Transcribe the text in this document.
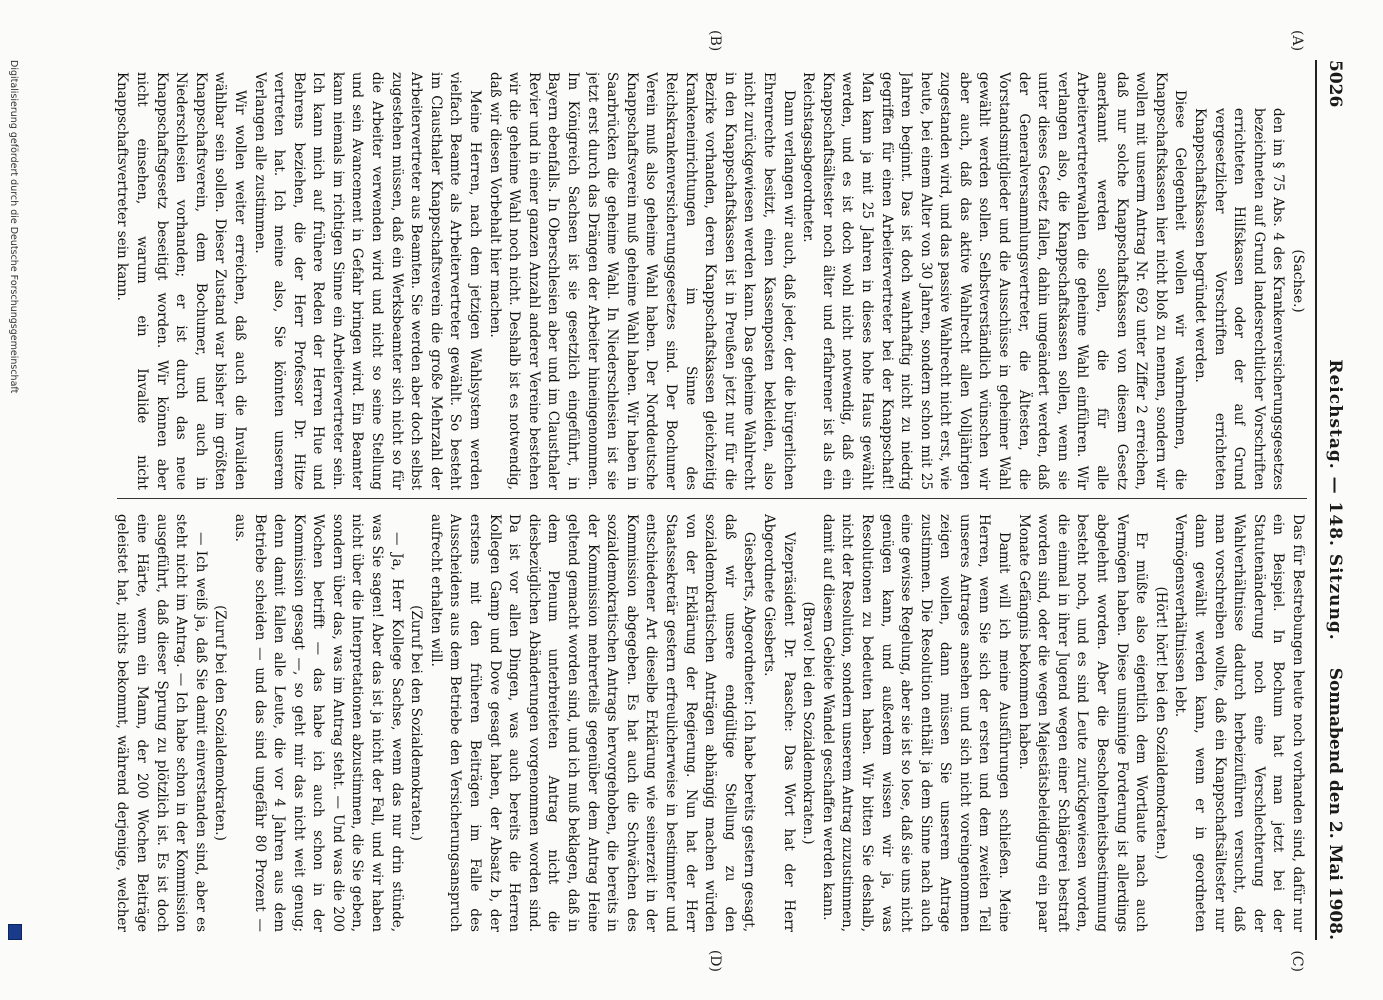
5026
Reichstag. — 148. Sitzung.
Sonnabend den 2. Mai 1908.
(A)
(B)
(C)
(D)

(Sachse.)

den im § 75 Abs. 4 des Krankenversicherungsgesetzes bezeichneten auf Grund landesrechtlicher Vorschriften errichteten Hilfskassen oder der auf Grund vergesetzlicher Vorschriften errichteten Knappschaftskassen begründet werden.

Diese Gelegenheit wollen wir wahrnehmen, die Knappschaftskassen hier nicht bloß zu nennen, sondern wir wollen mit unserm Antrag Nr. 692 unter Ziffer 2 erreichen, daß nur solche Knappschaftskassen von diesem Gesetz anerkannt werden sollen, die für alle Arbeitervertreterwahlen die geheime Wahl einführen. Wir verlangen also, die Knappschaftskassen sollen, wenn sie unter dieses Gesetz fallen, dahin umgeändert werden, daß der Generalversammlungsvertreter, die Ältesten, die Vorstandsmitglieder und die Ausschüsse in geheimer Wahl gewählt werden sollen. Selbstverständlich wünschen wir aber auch, daß das aktive Wahlrecht allen Volljährigen zugestanden wird, und das passive Wahlrecht nicht erst, wie heute, bei einem Alter von 30 Jahren, sondern schon mit 25 Jahren beginnt. Das ist doch wahrhaftig nicht zu niedrig gegriffen für einen Arbeitervertreter bei der Knappschaft! Man kann ja mit 25 Jahren in dieses hohe Haus gewählt werden, und es ist doch wohl nicht notwendig, daß ein Knappschaftsältester noch älter und erfahrener ist als ein Reichstagsabgeordneter.

Dann verlangen wir auch, daß jeder, der die bürgerlichen Ehrenrechte besitzt, einen Kassenposten bekleiden, also nicht zurückgewiesen werden kann. Das geheime Wahlrecht in den Knappschaftskassen ist in Preußen jetzt nur für die Bezirke vorhanden, deren Knappschaftskassen gleichzeitig Krankeneinrichtungen im Sinne des Reichskrankenversicherungsgesetzes sind. Der Bochumer Verein muß also geheime Wahl haben. Der Norddeutsche Knappschaftsverein muß geheime Wahl haben. Wir haben in Saarbrücken die geheime Wahl. In Niederschlesien ist sie jetzt erst durch das Drängen der Arbeiter hineingenommen. Im Königreich Sachsen ist sie gesetzlich eingeführt, in Bayern ebenfalls. In Oberschlesien aber und im Clausthaler Revier und in einer ganzen Anzahl anderer Vereine bestehen wir die geheime Wahl noch nicht. Deshalb ist es notwendig, daß wir diesen Vorbehalt hier machen.

Meine Herren, nach dem jetzigen Wahlsystem werden vielfach Beamte als Arbeitervertreter gewählt. So besteht im Clausthaler Knappschaftsverein die große Mehrzahl der Arbeitervertreter aus Beamten. Sie werden aber doch selbst zugestehen müssen, daß ein Werksbeamter sich nicht so für die Arbeiter verwenden wird und nicht so seine Stellung und sein Avancement in Gefahr bringen wird. Ein Beamter kann niemals im richtigen Sinne ein Arbeitervertreter sein. Ich kann mich auf frühere Reden der Herren Hue und Behrens beziehen, die der Herr Professor Dr. Hitze vertreten hat. Ich meine also, Sie könnten unserem Verlangen alle zustimmen.

Wir wollen weiter erreichen, daß auch die Invaliden wählbar sein sollen. Dieser Zustand war bisher im größten Knappschaftsverein, dem Bochumer, und auch in Niederschlesien vorhanden; er ist durch das neue Knappschaftsgesetz beseitigt worden. Wir können aber nicht einsehen, warum ein Invalide nicht Knappschaftsvertreter sein kann.

Das für Bestrebungen heute noch vorhanden sind, dafür nur ein Beispiel. In Bochum hat man jetzt bei der Statutenänderung noch eine Verschlechterung der Wahlverhältnisse dadurch herbeizuführen versucht, daß man vorschreiben wollte, daß ein Knappschaftsältester nur dann gewählt werden kann, wenn er in geordneten Vermögensverhältnissen lebt.

(Hört! hört! bei den Sozialdemokraten.)

Er müßte also eigentlich dem Wortlaute nach auch Vermögen haben. Diese unsinnige Forderung ist allerdings abgelehnt worden. Aber die Bescholtenheitsbestimmung besteht noch, und es sind Leute zurückgewiesen worden, die einmal in ihrer Jugend wegen einer Schlägerei bestraft worden sind, oder die wegen Majestätsbeleidigung ein paar Monate Gefängnis bekommen haben.

Damit will ich meine Ausführungen schließen. Meine Herren, wenn Sie sich der ersten und dem zweiten Teil unseres Antrages ansehen und sich nicht voreingenommen zeigen wollen, dann müssen Sie unserem Antrage zustimmen. Die Resolution enthält ja dem Sinne nach auch eine gewisse Regelung, aber sie ist so lose, daß sie uns nicht genügen kann, und außerdem wissen wir ja, was Resolutionen zu bedeuten haben. Wir bitten Sie deshalb, nicht der Resolution, sondern unserem Antrag zuzustimmen, damit auf diesem Gebiete Wandel geschaffen werden kann.

(Bravo! bei den Sozialdemokraten.)

Vizepräsident Dr. Paasche: Das Wort hat der Herr Abgeordnete Giesberts.

Giesberts, Abgeordneter: Ich habe bereits gestern gesagt, daß wir unsere endgültige Stellung zu den sozialdemokratischen Anträgen abhängig machen würden von der Erklärung der Regierung. Nun hat der Herr Staatssekretär gestern erfreulicherweise in bestimmter und entschiedener Art dieselbe Erklärung wie seinerzeit in der Kommission abgegeben. Es hat auch die Schwächen des sozialdemokratischen Antrags hervorgehoben, die bereits in der Kommission mehrerteils gegenüber dem Antrag Heine geltend gemacht worden sind, und ich muß beklagen, daß in dem Plenum unterbreiteten Antrag nicht die diesbezüglichen Abänderungen vorgenommen worden sind. Da ist vor allen Dingen, was auch bereits die Herren Kollegen Gamp und Dove gesagt haben, der Absatz b, der erstens mit den früheren Beiträgen im Falle des Ausscheidens aus dem Betriebe den Versicherungsanspruch aufrecht erhalten will.

(Zuruf bei den Sozialdemokraten.)

— Ja, Herr Kollege Sachse, wenn das nur drin stünde, was Sie sagen! Aber das ist ja nicht der Fall, und wir haben nicht über die Interpretationen abzustimmen, die Sie geben, sondern über das, was im Antrag steht. — Und was die 200 Wochen betrifft — das habe ich auch schon in der Kommission gesagt —, so geht mir das nicht weit genug; denn damit fallen alle Leute, die vor 4 Jahren aus dem Betriebe scheiden — und das sind ungefähr 80 Prozent — aus.

(Zuruf bei den Sozialdemokraten.)

— Ich weiß ja, daß Sie damit einverstanden sind, aber es steht nicht im Antrag. — Ich habe schon in der Kommission ausgeführt, daß dieser Sprung zu plötzlich ist. Es ist doch eine Härte, wenn ein Mann, der 200 Wochen Beiträge geleistet hat, nichts bekommt, während derjenige, welcher

Digitalisierung gefördert durch die Deutsche Forschungsgemeinschaft
